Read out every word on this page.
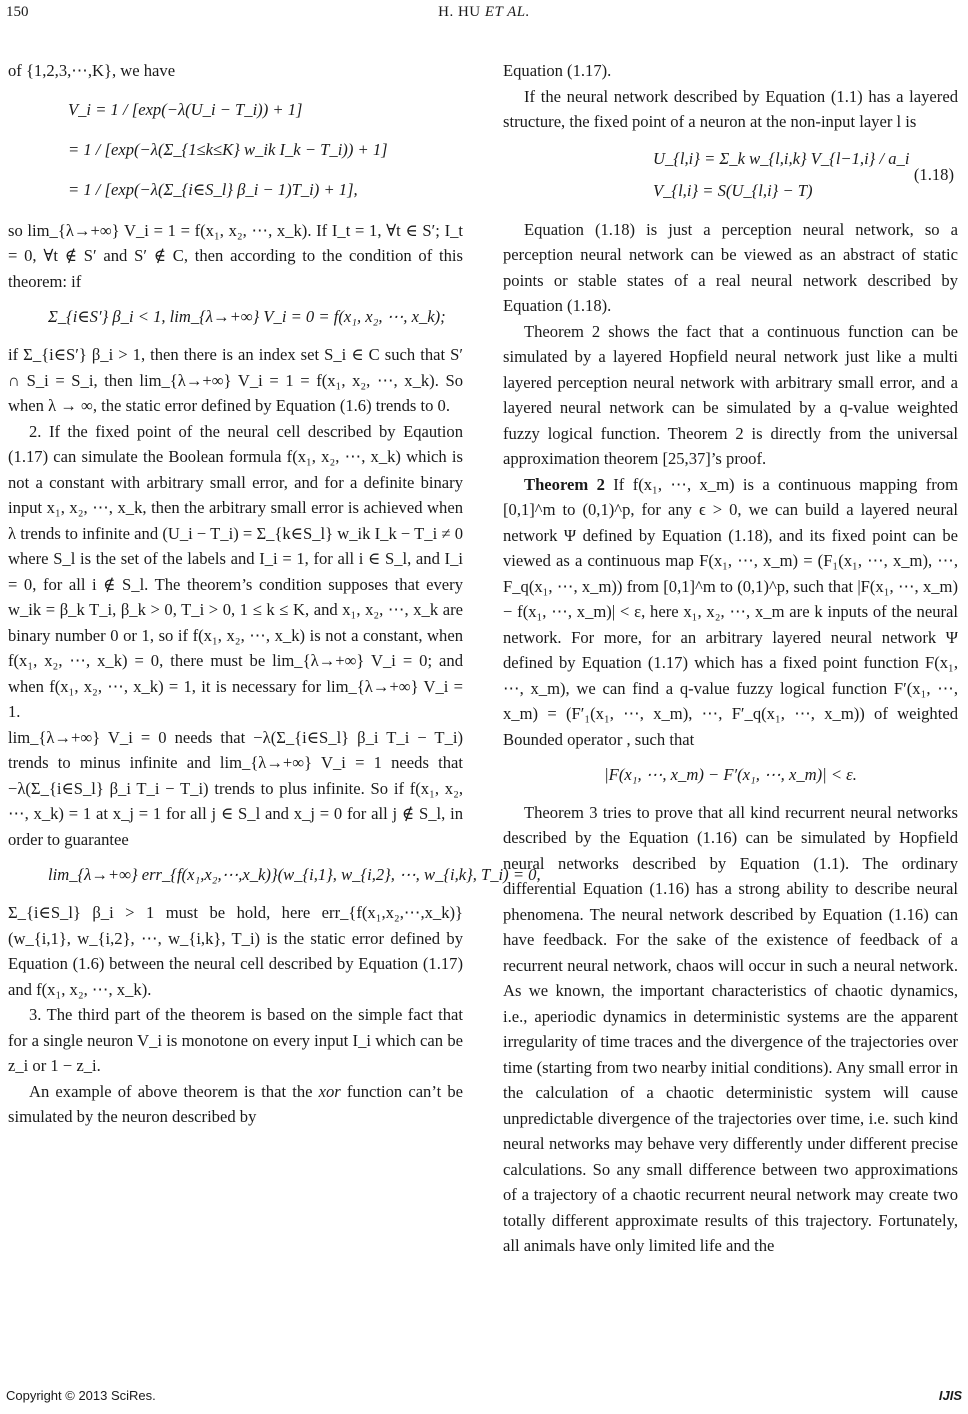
150	H. HU ET AL.

of {1,2,3,⋯,K}, we have

V_i = 1 / [exp(−λ(U_i − T_i)) + 1]
= 1 / [exp(−λ(Σ_{1≤k≤K} w_ik I_k − T_i)) + 1]
= 1 / [exp(−λ(Σ_{i∈S_l} β_i − 1)T_i) + 1],

so lim_{λ→+∞} V_i = 1 = f(x₁, x₂, ⋯, x_k). If I_t = 1, ∀t ∈ S′; I_t = 0, ∀t ∉ S′ and S′ ∉ C, then according to the condition of this theorem: if

Σ_{i∈S′} β_i < 1, lim_{λ→+∞} V_i = 0 = f(x₁, x₂, ⋯, x_k);

if Σ_{i∈S′} β_i > 1, then there is an index set S_i ∈ C such that S′ ∩ S_i = S_i, then lim_{λ→+∞} V_i = 1 = f(x₁, x₂, ⋯, x_k). So when λ → ∞, the static error defined by Equation (1.6) trends to 0.

2. If the fixed point of the neural cell described by Eqaution (1.17) can simulate the Boolean formula f(x₁, x₂, ⋯, x_k) which is not a constant with arbitrary small error, and for a definite binary input x₁, x₂, ⋯, x_k, then the arbitrary small error is achieved when λ trends to infinite and (U_i − T_i) = Σ_{k∈S_l} w_ik I_k − T_i ≠ 0 where S_l is the set of the labels and I_i = 1, for all i ∈ S_l, and I_i = 0, for all i ∉ S_l. The theorem’s condition supposes that every w_ik = β_k T_i, β_k > 0, T_i > 0, 1 ≤ k ≤ K, and x₁, x₂, ⋯, x_k are binary number 0 or 1, so if f(x₁, x₂, ⋯, x_k) is not a constant, when f(x₁, x₂, ⋯, x_k) = 0, there must be lim_{λ→+∞} V_i = 0; and when f(x₁, x₂, ⋯, x_k) = 1, it is necessary for lim_{λ→+∞} V_i = 1.

lim_{λ→+∞} V_i = 0 needs that −λ(Σ_{i∈S_l} β_i T_i − T_i) trends to minus infinite and lim_{λ→+∞} V_i = 1 needs that −λ(Σ_{i∈S_l} β_i T_i − T_i) trends to plus infinite. So if f(x₁, x₂, ⋯, x_k) = 1 at x_j = 1 for all j ∈ S_l and x_j = 0 for all j ∉ S_l, in order to guarantee

lim_{λ→+∞} err_{f(x₁,x₂,⋯,x_k)}(w_{i,1}, w_{i,2}, ⋯, w_{i,k}, T_i) = 0,

Σ_{i∈S_l} β_i > 1 must be hold, here err_{f(x₁,x₂,⋯,x_k)}(w_{i,1}, w_{i,2}, ⋯, w_{i,k}, T_i) is the static error defined by Equation (1.6) between the neural cell described by Equation (1.17) and f(x₁, x₂, ⋯, x_k).

3. The third part of the theorem is based on the simple fact that for a single neuron V_i is monotone on every input I_i which can be z_i or 1 − z_i.

An example of above theorem is that the xor function can’t be simulated by the neuron described by

Equation (1.17).

If the neural network described by Equation (1.1) has a layered structure, the fixed point of a neuron at the non-input layer l is

U_{l,i} = Σ_k w_{l,i,k} V_{l−1,i} / a_i
V_{l,i} = S(U_{l,i} − T)
(1.18)

Equation (1.18) is just a perception neural network, so a perception neural network can be viewed as an abstract of static points or stable states of a real neural network described by Equation (1.18).

Theorem 2 shows the fact that a continuous function can be simulated by a layered Hopfield neural network just like a multi layered perception neural network with arbitrary small error, and a layered neural network can be simulated by a q-value weighted fuzzy logical function. Theorem 2 is directly from the universal approximation theorem [25,37]’s proof.

Theorem 2 If f(x₁, ⋯, x_m) is a continuous mapping from [0,1]^m to (0,1)^p, for any ϵ > 0, we can build a layered neural network Ψ defined by Equation (1.18), and its fixed point can be viewed as a continuous map F(x₁, ⋯, x_m) = (F₁(x₁, ⋯, x_m), ⋯, F_q(x₁, ⋯, x_m)) from [0,1]^m to (0,1)^p, such that |F(x₁, ⋯, x_m) − f(x₁, ⋯, x_m)| < ε, here x₁, x₂, ⋯, x_m are k inputs of the neural network. For more, for an arbitrary layered neural network Ψ defined by Equation (1.17) which has a fixed point function F(x₁, ⋯, x_m), we can find a q-value fuzzy logical function F′(x₁, ⋯, x_m) = (F′₁(x₁, ⋯, x_m), ⋯, F′_q(x₁, ⋯, x_m)) of weighted Bounded operator , such that

|F(x₁, ⋯, x_m) − F′(x₁, ⋯, x_m)| < ε.

Theorem 3 tries to prove that all kind recurrent neural networks described by the Equation (1.16) can be simulated by Hopfield neural networks described by Equation (1.1). The ordinary differential Equation (1.16) has a strong ability to describe neural phenomena. The neural network described by Equation (1.16) can have feedback. For the sake of the existence of feedback of a recurrent neural network, chaos will occur in such a neural network. As we known, the important characteristics of chaotic dynamics, i.e., aperiodic dynamics in deterministic systems are the apparent irregularity of time traces and the divergence of the trajectories over time (starting from two nearby initial conditions). Any small error in the calculation of a chaotic deterministic system will cause unpredictable divergence of the trajectories over time, i.e. such kind neural networks may behave very differently under different precise calculations. So any small difference between two approximations of a trajectory of a chaotic recurrent neural network may create two totally different approximate results of this trajectory. Fortunately, all animals have only limited life and the

Copyright © 2013 SciRes.	IJIS
